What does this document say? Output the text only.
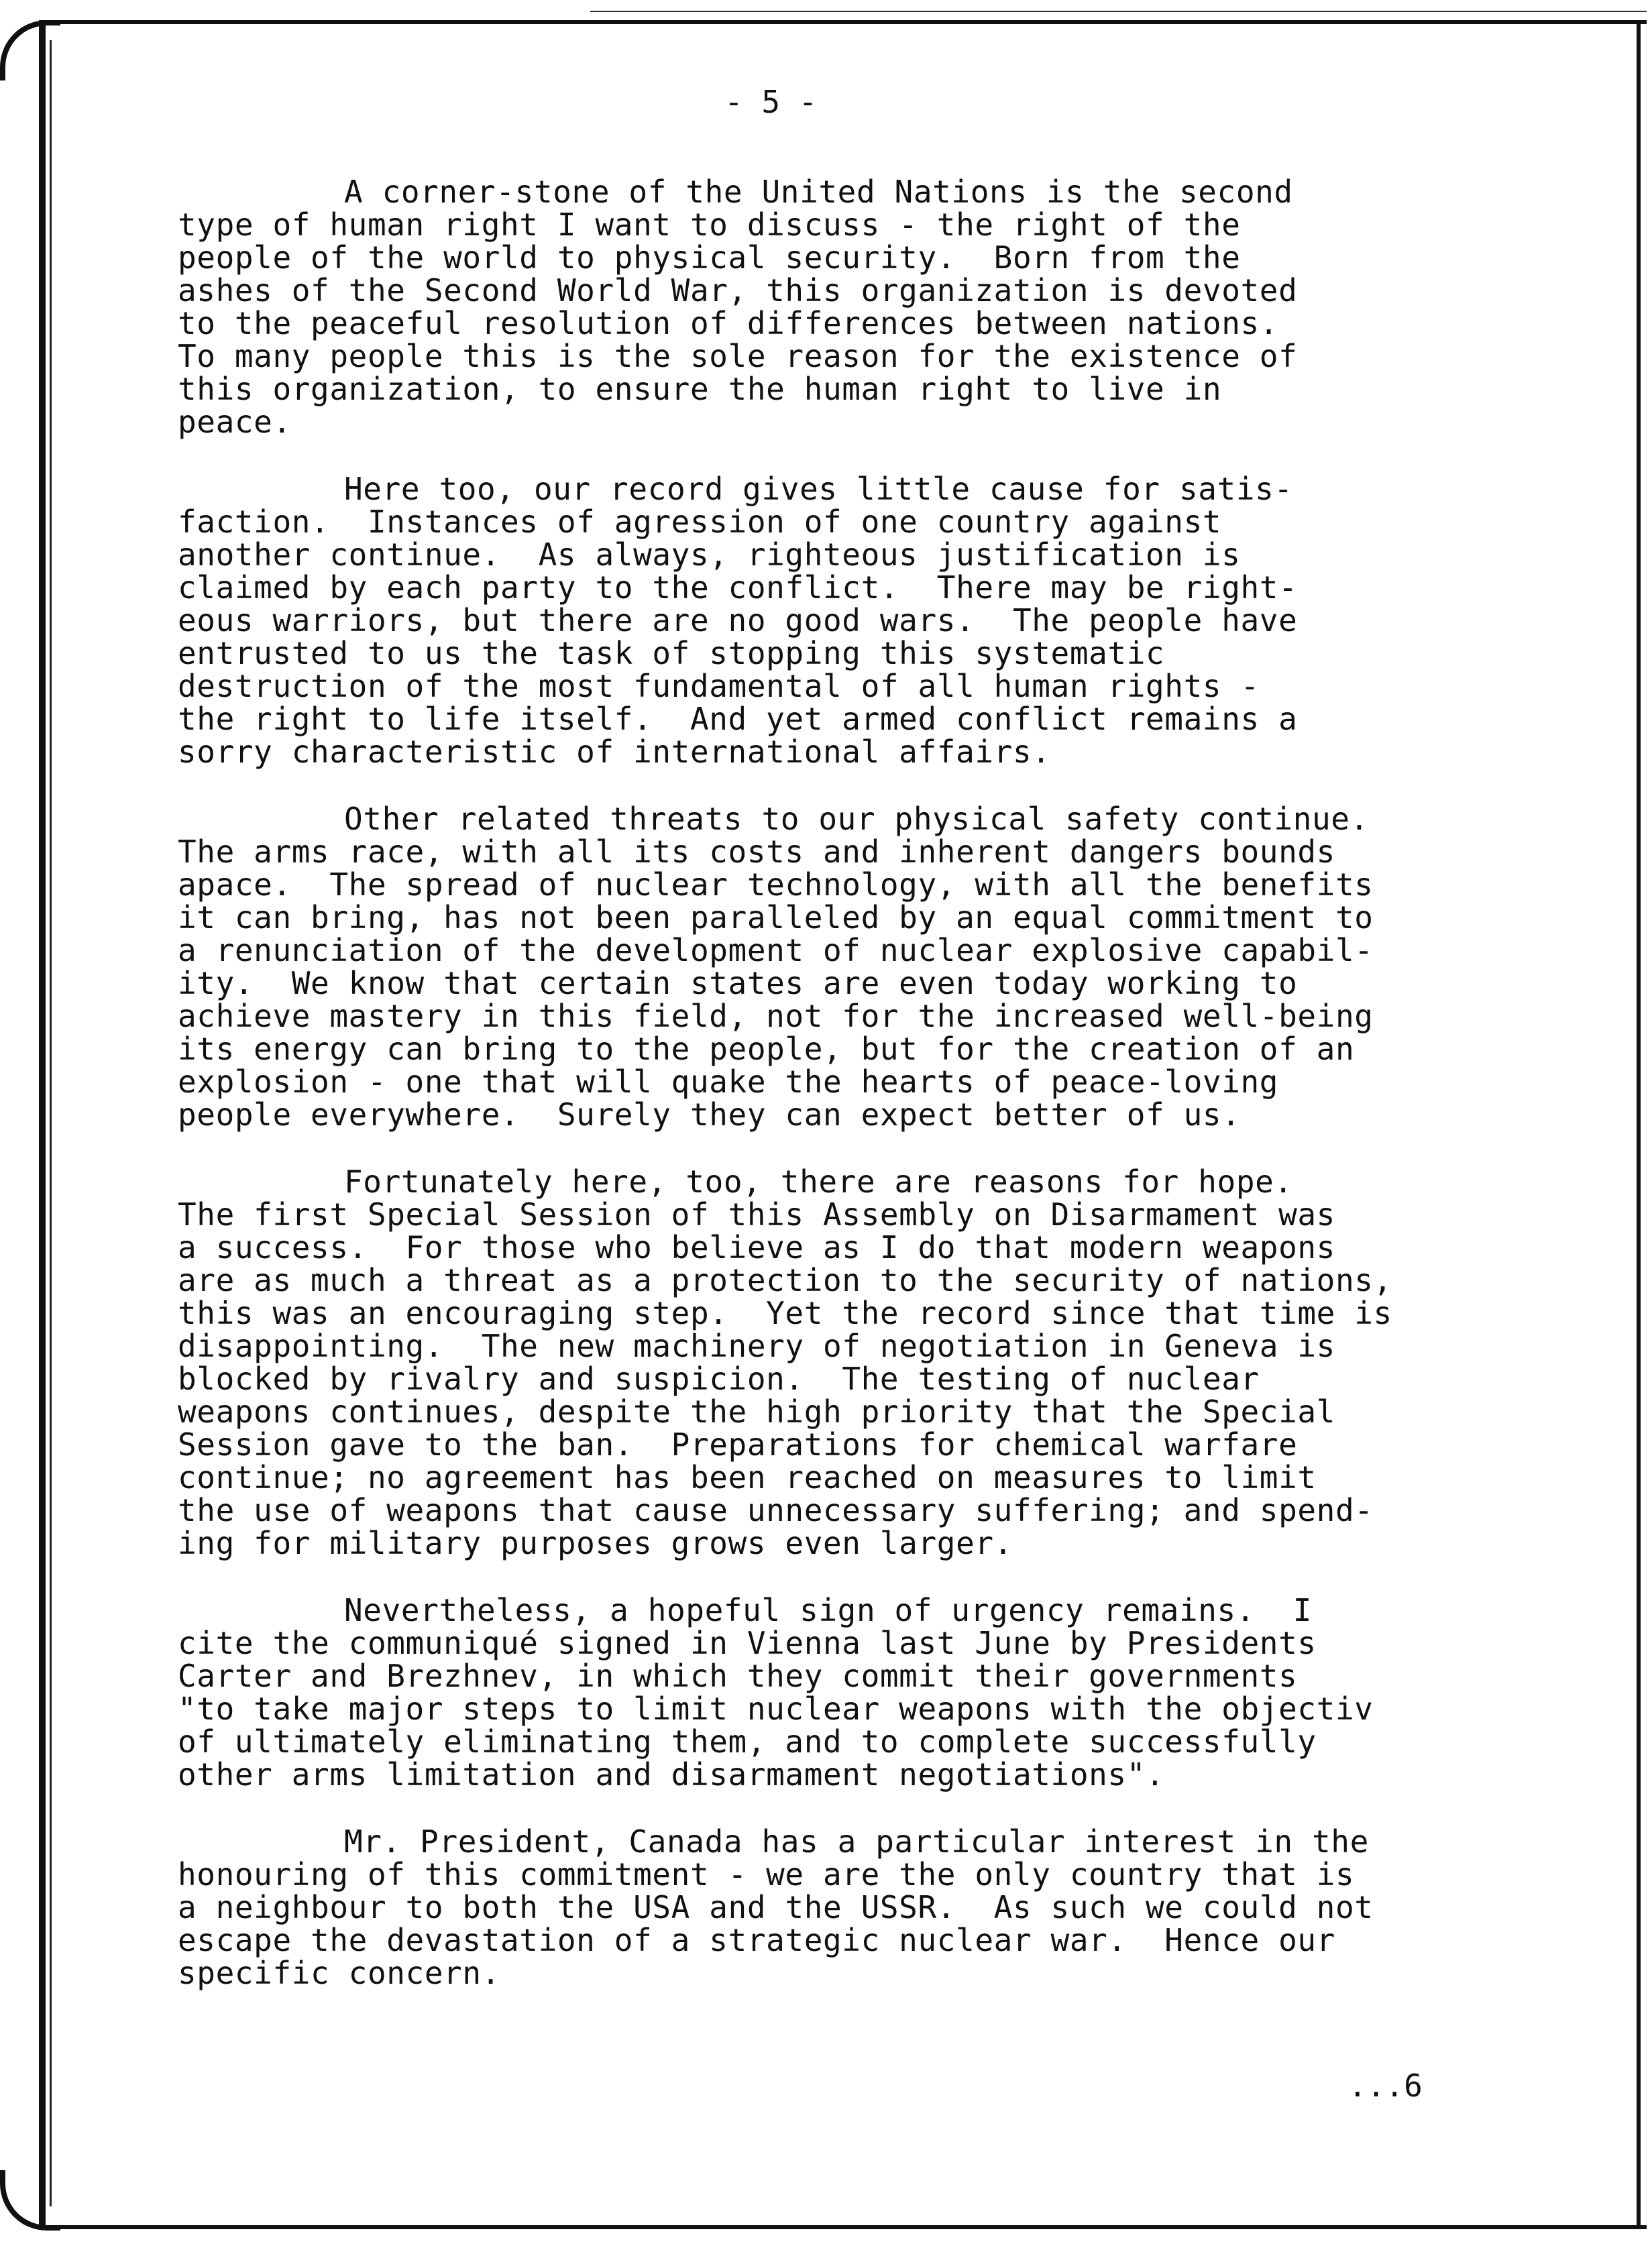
- 5 -
A corner-stone of the United Nations is the second
type of human right I want to discuss - the right of the
people of the world to physical security.  Born from the
ashes of the Second World War, this organization is devoted
to the peaceful resolution of differences between nations.
To many people this is the sole reason for the existence of
this organization, to ensure the human right to live in
peace.
Here too, our record gives little cause for satis-
faction.  Instances of agression of one country against
another continue.  As always, righteous justification is
claimed by each party to the conflict.  There may be right-
eous warriors, but there are no good wars.  The people have
entrusted to us the task of stopping this systematic
destruction of the most fundamental of all human rights -
the right to life itself.  And yet armed conflict remains a
sorry characteristic of international affairs.
Other related threats to our physical safety continue.
The arms race, with all its costs and inherent dangers bounds
apace.  The spread of nuclear technology, with all the benefits
it can bring, has not been paralleled by an equal commitment to
a renunciation of the development of nuclear explosive capabil-
ity.  We know that certain states are even today working to
achieve mastery in this field, not for the increased well-being
its energy can bring to the people, but for the creation of an
explosion - one that will quake the hearts of peace-loving
people everywhere.  Surely they can expect better of us.
Fortunately here, too, there are reasons for hope.
The first Special Session of this Assembly on Disarmament was
a success.  For those who believe as I do that modern weapons
are as much a threat as a protection to the security of nations,
this was an encouraging step.  Yet the record since that time is
disappointing.  The new machinery of negotiation in Geneva is
blocked by rivalry and suspicion.  The testing of nuclear
weapons continues, despite the high priority that the Special
Session gave to the ban.  Preparations for chemical warfare
continue; no agreement has been reached on measures to limit
the use of weapons that cause unnecessary suffering; and spend-
ing for military purposes grows even larger.
Nevertheless, a hopeful sign of urgency remains.  I
cite the communiqué signed in Vienna last June by Presidents
Carter and Brezhnev, in which they commit their governments
"to take major steps to limit nuclear weapons with the objectiv
of ultimately eliminating them, and to complete successfully
other arms limitation and disarmament negotiations".
Mr. President, Canada has a particular interest in the
honouring of this commitment - we are the only country that is
a neighbour to both the USA and the USSR.  As such we could not
escape the devastation of a strategic nuclear war.  Hence our
specific concern.
...6
